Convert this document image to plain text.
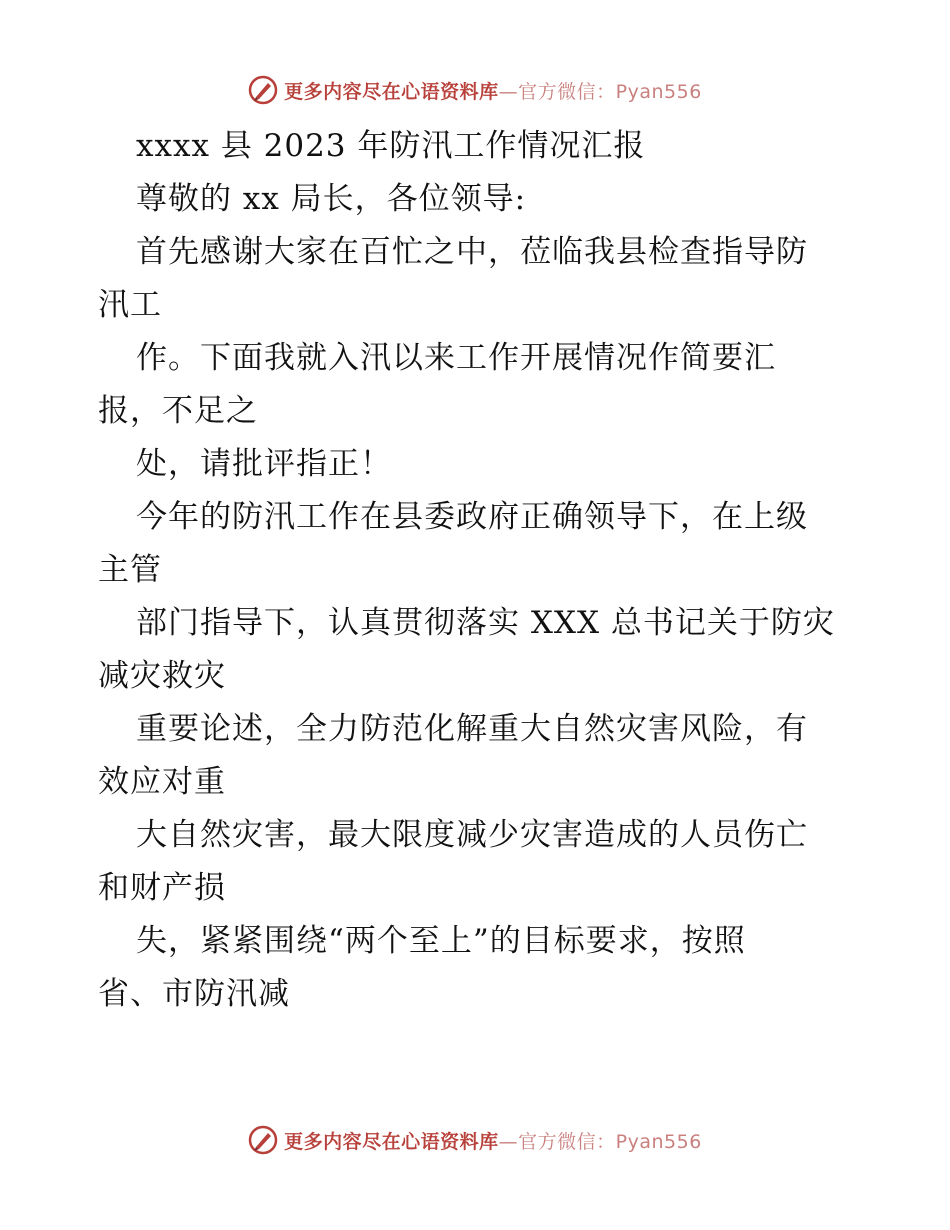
更多内容尽在心语资料库—官方微信：Pyan556
xxxx 县 2023 年防汛工作情况汇报
尊敬的 xx 局长，各位领导:
首先感谢大家在百忙之中，莅临我县检查指导防
汛工
作。下面我就入汛以来工作开展情况作简要汇
报，不足之
处，请批评指正！
今年的防汛工作在县委政府正确领导下，在上级
主管
部门指导下，认真贯彻落实 XXX 总书记关于防灾
减灾救灾
重要论述，全力防范化解重大自然灾害风险，有
效应对重
大自然灾害，最大限度减少灾害造成的人员伤亡
和财产损
失，紧紧围绕“两个至上”的目标要求，按照
省、市防汛减
更多内容尽在心语资料库—官方微信：Pyan556
